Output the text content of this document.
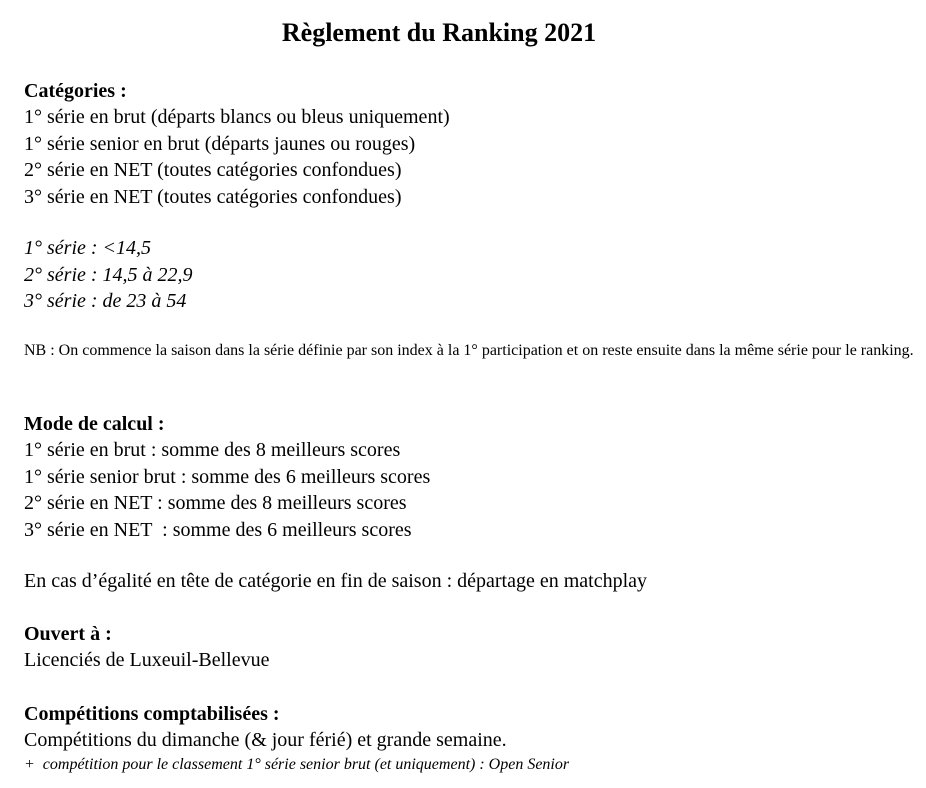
Règlement du Ranking 2021
Catégories :
1° série en brut (départs blancs ou bleus uniquement)
1° série senior en brut (départs jaunes ou rouges)
2° série en NET (toutes catégories confondues)
3° série en NET (toutes catégories confondues)
1° série : <14,5
2° série : 14,5 à 22,9
3° série : de 23 à 54
NB : On commence la saison dans la série définie par son index à la 1° participation et on reste ensuite dans la même série pour le ranking.
Mode de calcul :
1° série en brut : somme des 8 meilleurs scores
1° série senior brut : somme des 6 meilleurs scores
2° série en NET : somme des 8 meilleurs scores
3° série en NET  : somme des 6 meilleurs scores
En cas d’égalité en tête de catégorie en fin de saison : départage en matchplay
Ouvert à :
Licenciés de Luxeuil-Bellevue
Compétitions comptabilisées :
Compétitions du dimanche (& jour férié) et grande semaine.
+  compétition pour le classement 1° série senior brut (et uniquement) : Open Senior
